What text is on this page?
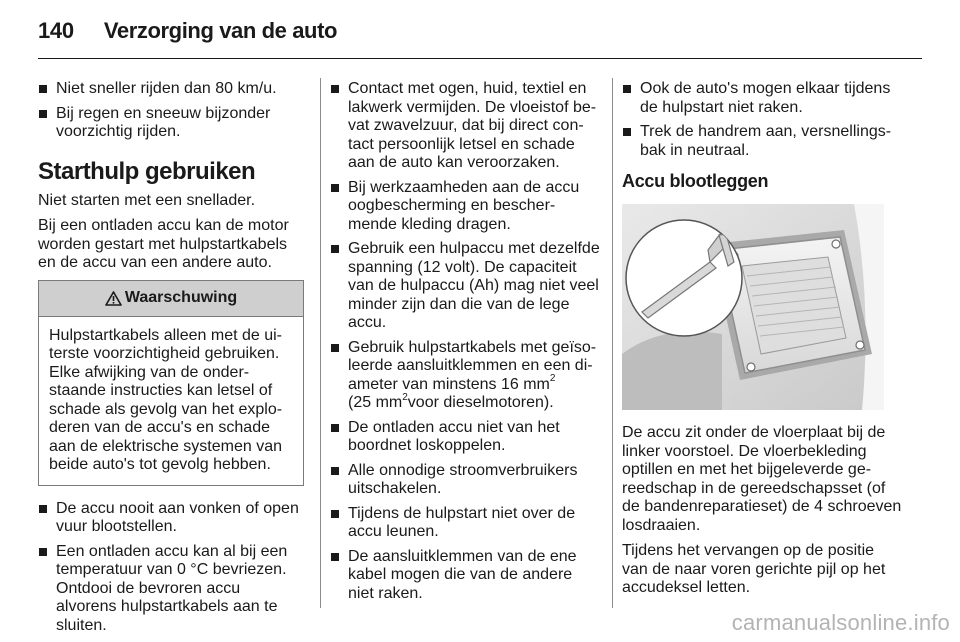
140 Verzorging van de auto
Niet sneller rijden dan 80 km/u.
Bij regen en sneeuw bijzonder voorzichtig rijden.
Starthulp gebruiken

Niet starten met een snellader.

Bij een ontladen accu kan de motor worden gestart met hulpstartkabels en de accu van een andere auto.

Waarschuwing
Hulpstartkabels alleen met de ui-terste voorzichtigheid gebruiken. Elke afwijking van de onder-staande instructies kan letsel of schade als gevolg van het explo-deren van de accu's en schade aan de elektrische systemen van beide auto's tot gevolg hebben.
De accu nooit aan vonken of open vuur blootstellen.
Een ontladen accu kan al bij een temperatuur van 0 °C bevriezen. Ontdooi de bevroren accu alvorens hulpstartkabels aan te sluiten.
Contact met ogen, huid, textiel en lakwerk vermijden. De vloeistof be-vat zwavelzuur, dat bij direct con-tact persoonlijk letsel en schade aan de auto kan veroorzaken.
Bij werkzaamheden aan de accu oogbescherming en bescher-mende kleding dragen.
Gebruik een hulpaccu met dezelfde spanning (12 volt). De capaciteit van de hulpaccu (Ah) mag niet veel minder zijn dan die van de lege accu.
Gebruik hulpstartkabels met geïso-leerde aansluitklemmen en een di-ameter van minstens 16 $mm^2$
(25 $mm^2voor$ dieselmotoren).
De ontladen accu niet van het boordnet loskoppelen.
Alle onnodige stroomverbruikers uitschakelen.
Tijdens de hulpstart niet over de accu leunen.
De aansluitklemmen van de ene kabel mogen die van de andere niet raken.
Ook de auto's mogen elkaar tijdens de hulpstart niet raken.
Trek de handrem aan, versnellings-bak in neutraal.
Accu blootleggen

De accu zit onder de vloerplaat bij de linker voorstoel. De vloerbekleding optillen en met het bijgeleverde ge-reedschap in de gereedschapsset (of de bandenreparatieset) de 4 schroeven losdraaien.

Tijdens het vervangen op de positie van de naar voren gerichte pijl op het accudeksel letten.

carmanualsonline.info
